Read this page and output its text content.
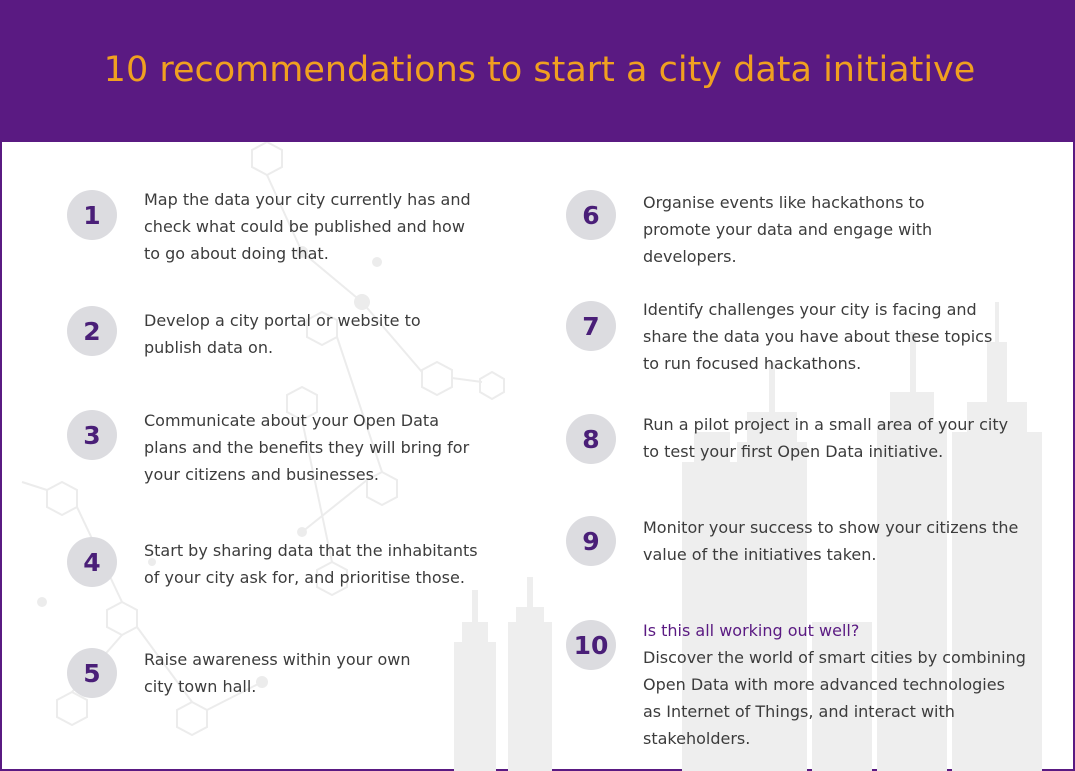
10 recommendations to start a city data initiative
1

Map the data your city currently has and check what could be published and how to go about doing that.

2	Develop a city portal or website to publish data on.

3	Communicate about your Open Data plans and the benefits they will bring for your citizens and businesses.

4	Start by sharing data that the inhabitants of your city ask for, and prioritise those.

5	Raise awareness within your own city town hall.

6	Organise events like hackathons to promote your data and engage with developers.

7

Identify challenges your city is facing and share the data you have about these topics to run focused hackathons.

8	Run a pilot project in a small area of your city to test your first Open Data initiative.

9	Monitor your success to show your citizens the value of the initiatives taken.

10	Is this all working out well?

Discover the world of smart cities by combining Open Data with more advanced technologies as Internet of Things, and interact with stakeholders.
